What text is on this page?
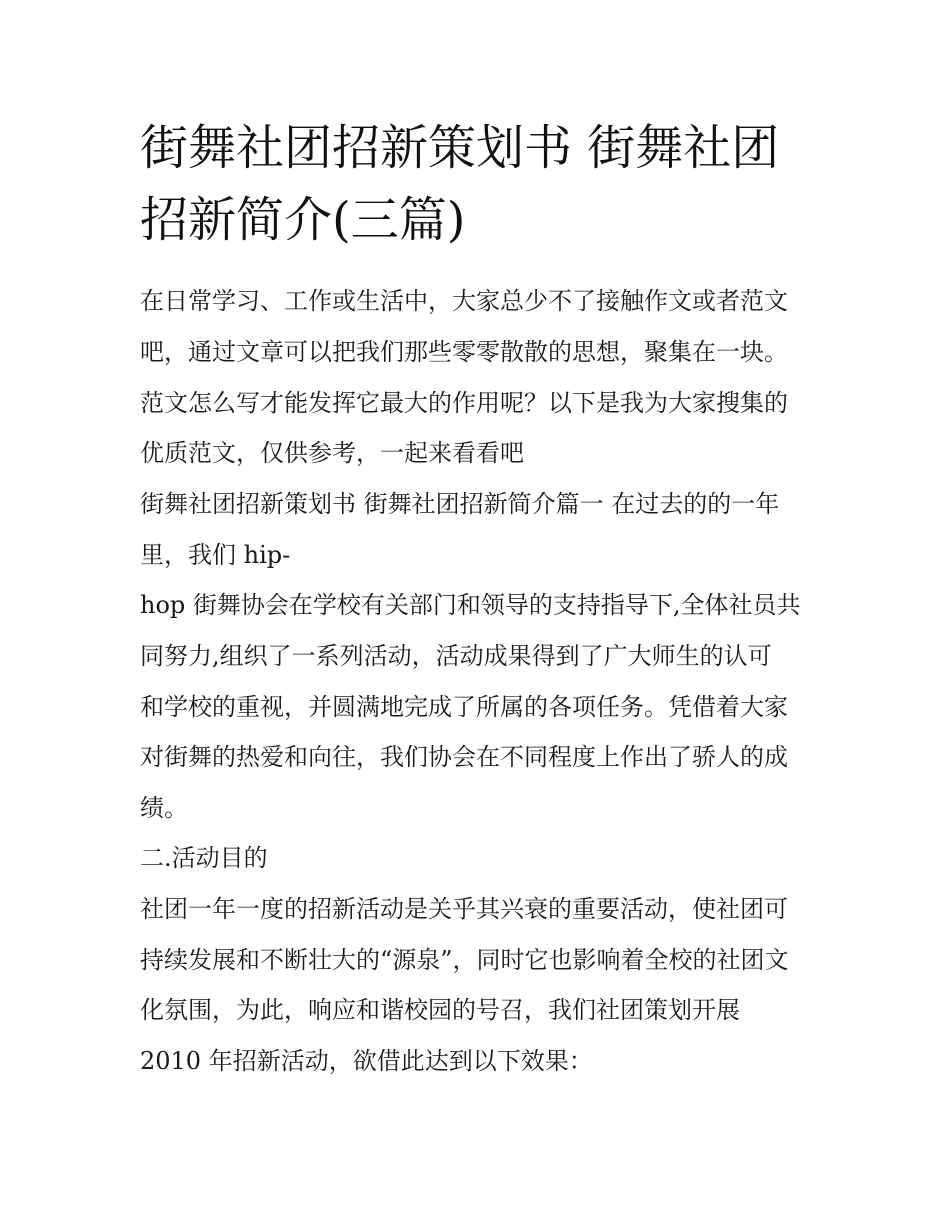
街舞社团招新策划书 街舞社团
招新简介(三篇)
在日常学习、工作或生活中，大家总少不了接触作文或者范文
吧，通过文章可以把我们那些零零散散的思想，聚集在一块。
范文怎么写才能发挥它最大的作用呢？以下是我为大家搜集的
优质范文，仅供参考，一起来看看吧
街舞社团招新策划书 街舞社团招新简介篇一 在过去的的一年
里，我们 hip-
hop 街舞协会在学校有关部门和领导的支持指导下,全体社员共
同努力,组织了一系列活动，活动成果得到了广大师生的认可
和学校的重视，并圆满地完成了所属的各项任务。凭借着大家
对街舞的热爱和向往，我们协会在不同程度上作出了骄人的成
绩。
二.活动目的
社团一年一度的招新活动是关乎其兴衰的重要活动，使社团可
持续发展和不断壮大的“源泉”，同时它也影响着全校的社团文
化氛围，为此，响应和谐校园的号召，我们社团策划开展
2010 年招新活动，欲借此达到以下效果：
